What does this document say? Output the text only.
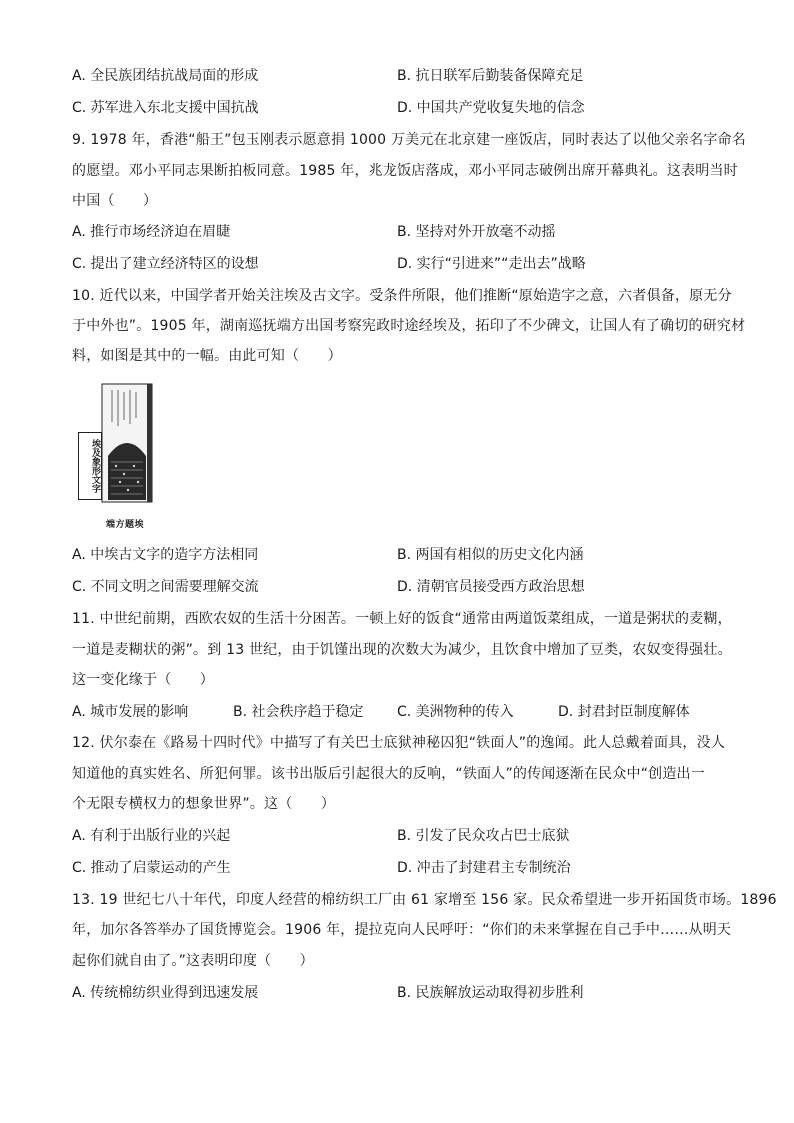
A. 全民族团结抗战局面的形成	B. 抗日联军后勤装备保障充足
C. 苏军进入东北支援中国抗战	D. 中国共产党收复失地的信念
9. 1978 年，香港“船王”包玉刚表示愿意捐 1000 万美元在北京建一座饭店，同时表达了以他父亲名字命名
的愿望。邓小平同志果断拍板同意。1985 年，兆龙饭店落成，邓小平同志破例出席开幕典礼。这表明当时
中国（　　）
A. 推行市场经济迫在眉睫	B. 坚持对外开放毫不动摇
C. 提出了建立经济特区的设想	D. 实行“引进来”“走出去”战略
10. 近代以来，中国学者开始关注埃及古文字。受条件所限，他们推断“原始造字之意，六者俱备，原无分
于中外也”。1905 年，湖南巡抚端方出国考察宪政时途经埃及，拓印了不少碑文，让国人有了确切的研究材
料，如图是其中的一幅。由此可知（　　）
埃及象形文字
端方题埃
A. 中埃古文字的造字方法相同	B. 两国有相似的历史文化内涵
C. 不同文明之间需要理解交流	D. 清朝官员接受西方政治思想
11. 中世纪前期，西欧农奴的生活十分困苦。一顿上好的饭食“通常由两道饭菜组成，一道是粥状的麦糊，
一道是麦糊状的粥”。到 13 世纪，由于饥馑出现的次数大为减少，且饮食中增加了豆类，农奴变得强壮。
这一变化缘于（　　）
A. 城市发展的影响	B. 社会秩序趋于稳定 C. 美洲物种的传入	D. 封君封臣制度解体
12. 伏尔泰在《路易十四时代》中描写了有关巴士底狱神秘囚犯“铁面人”的逸闻。此人总戴着面具，没人
知道他的真实姓名、所犯何罪。该书出版后引起很大的反响，“铁面人”的传闻逐渐在民众中“创造出一
个无限专横权力的想象世界”。这（　　）
A. 有利于出版行业的兴起	B. 引发了民众攻占巴士底狱
C. 推动了启蒙运动的产生	D. 冲击了封建君主专制统治
13. 19 世纪七八十年代，印度人经营的棉纺织工厂由 61 家增至 156 家。民众希望进一步开拓国货市场。1896
年，加尔各答举办了国货博览会。1906 年，提拉克向人民呼吁：“你们的未来掌握在自己手中……从明天
起你们就自由了。”这表明印度（　　）
A. 传统棉纺织业得到迅速发展	B. 民族解放运动取得初步胜利
